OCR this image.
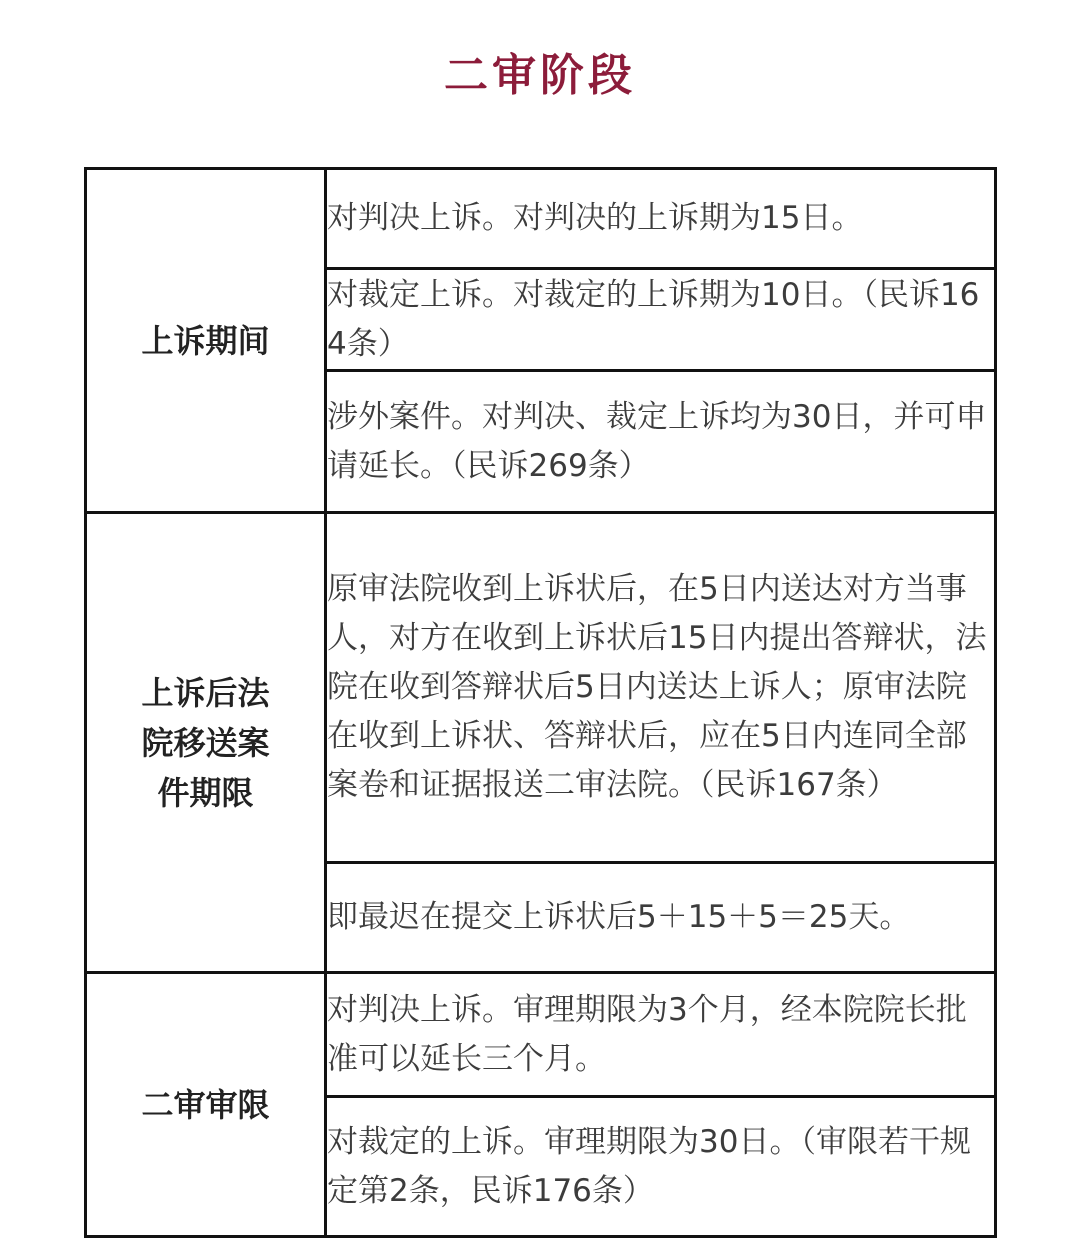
二审阶段
上诉期间	对判决上诉。对判决的上诉期为15日。

	对裁定上诉。对裁定的上诉期为10日。（民诉164条）

	涉外案件。对判决、裁定上诉均为30日，并可申请延长。（民诉269条）

上诉后法院移送案件期限	原审法院收到上诉状后，在5日内送达对方当事人，对方在收到上诉状后15日内提出答辩状，法院在收到答辩状后5日内送达上诉人；原审法院在收到上诉状、答辩状后，应在5日内连同全部案卷和证据报送二审法院。（民诉167条）

	即最迟在提交上诉状后5＋15＋5＝25天。

二审审限	对判决上诉。审理期限为3个月，经本院院长批准可以延长三个月。

	对裁定的上诉。审理期限为30日。（审限若干规定第2条，民诉176条）
